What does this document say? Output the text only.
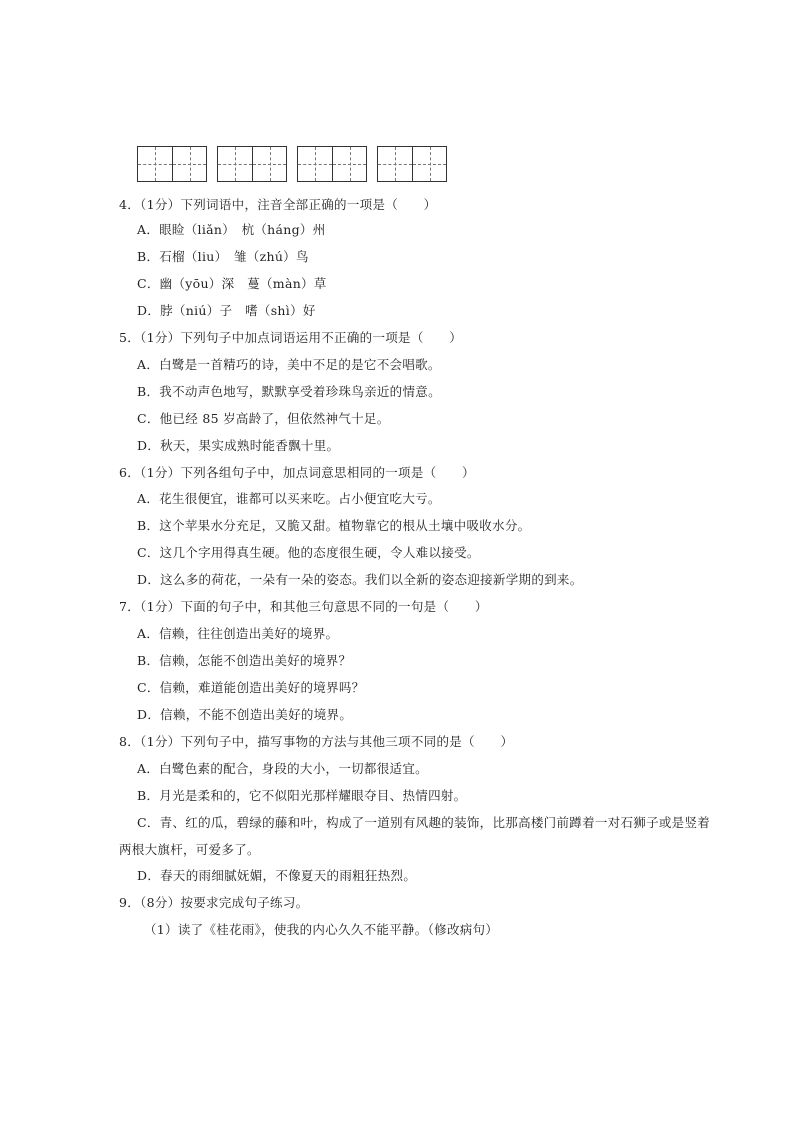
4．（1分）下列词语中，注音全部正确的一项是（　　）
A．眼睑（liǎn）　杭（háng）州
B．石榴（liu）　雏（zhú）鸟
C．幽（yōu）深　蔓（màn）草
D．脖（niú）子　嗜（shì）好
5．（1分）下列句子中加点词语运用不正确的一项是（　　）
A．白鹭是一首精巧的诗，美中不足的是它不会唱歌。
B．我不动声色地写，默默享受着珍珠鸟亲近的情意。
C．他已经 85 岁高龄了，但依然神气十足。
D．秋天，果实成熟时能香飘十里。
6．（1分）下列各组句子中，加点词意思相同的一项是（　　）
A．花生很便宜，谁都可以买来吃。占小便宜吃大亏。
B．这个苹果水分充足，又脆又甜。植物靠它的根从土壤中吸收水分。
C．这几个字用得真生硬。他的态度很生硬，令人难以接受。
D．这么多的荷花，一朵有一朵的姿态。我们以全新的姿态迎接新学期的到来。
7．（1分）下面的句子中，和其他三句意思不同的一句是（　　）
A．信赖，往往创造出美好的境界。
B．信赖，怎能不创造出美好的境界？
C．信赖，难道能创造出美好的境界吗？
D．信赖，不能不创造出美好的境界。
8．（1分）下列句子中，描写事物的方法与其他三项不同的是（　　）
A．白鹭色素的配合，身段的大小，一切都很适宜。
B．月光是柔和的，它不似阳光那样耀眼夺目、热情四射。
C．青、红的瓜，碧绿的藤和叶，构成了一道别有风趣的装饰，比那高楼门前蹲着一对石狮子或是竖着
两根大旗杆，可爱多了。
D．春天的雨细腻妩媚，不像夏天的雨粗狂热烈。
9．（8分）按要求完成句子练习。
（1）读了《桂花雨》，使我的内心久久不能平静。（修改病句）
